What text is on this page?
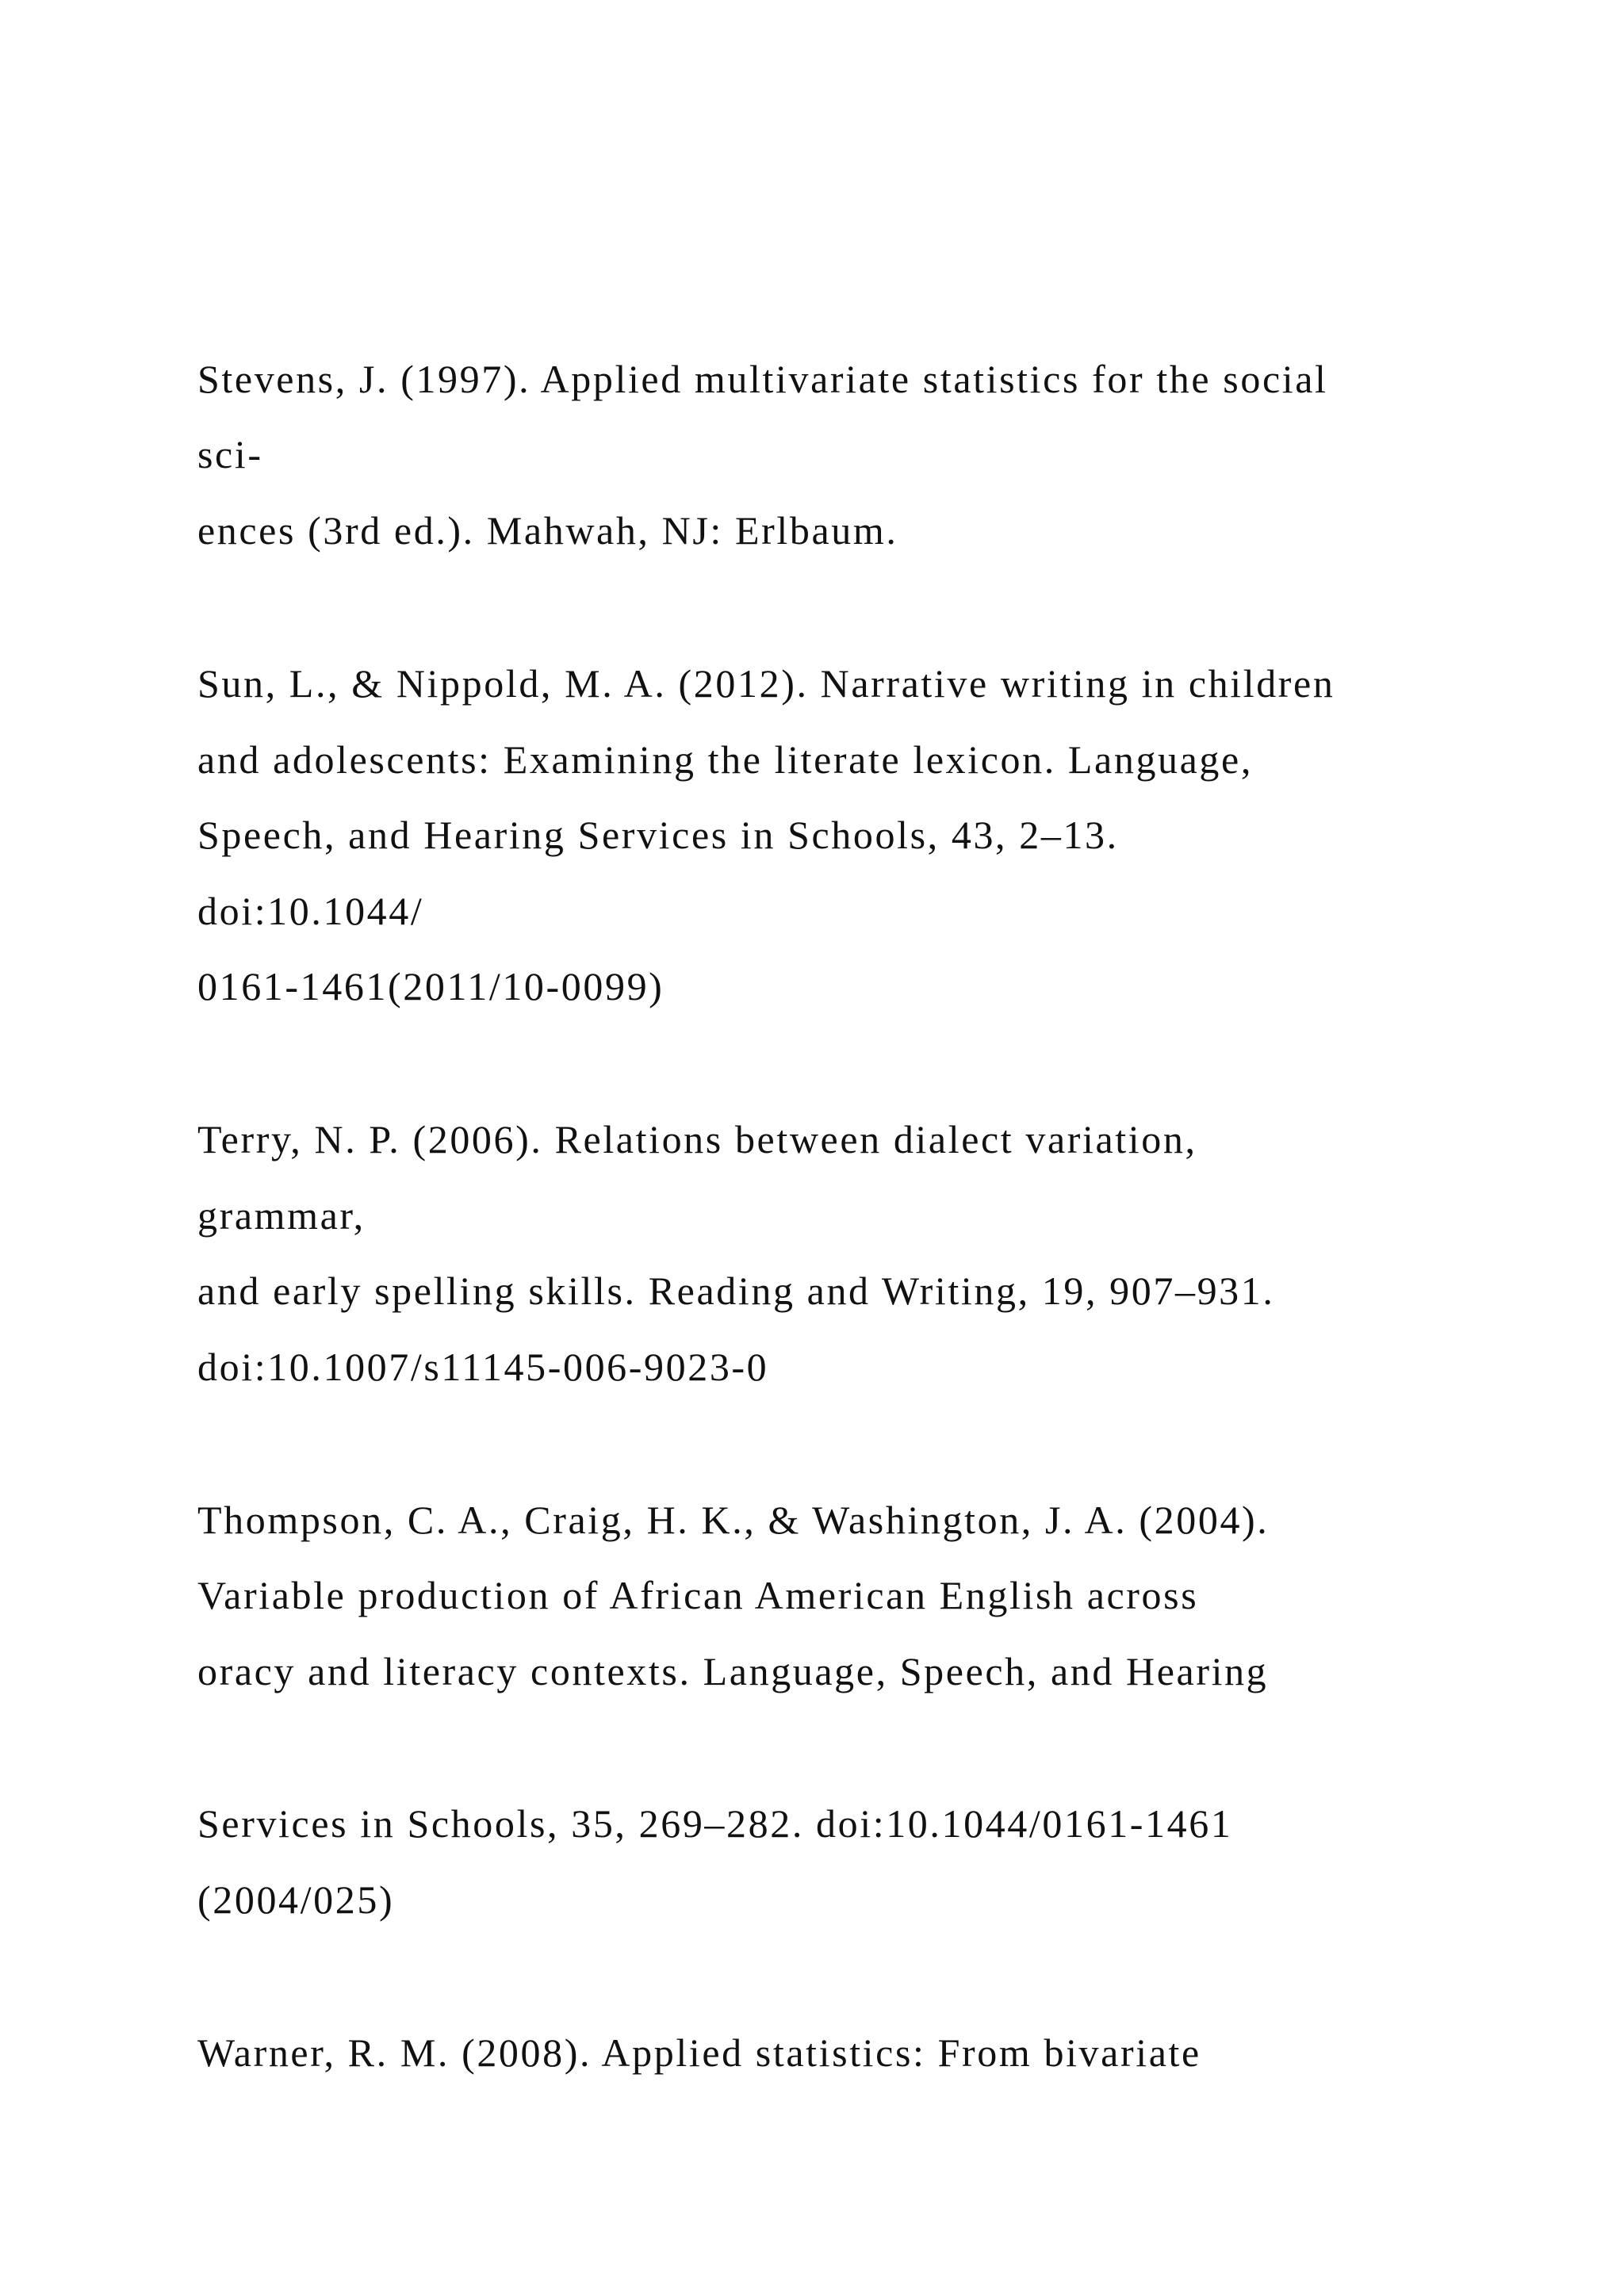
Stevens, J. (1997). Applied multivariate statistics for the social

sci-

ences (3rd ed.). Mahwah, NJ: Erlbaum.

Sun, L., & Nippold, M. A. (2012). Narrative writing in children

and adolescents: Examining the literate lexicon. Language,

Speech, and Hearing Services in Schools, 43, 2–13.

doi:10.1044/

0161-1461(2011/10-0099)

Terry, N. P. (2006). Relations between dialect variation,

grammar,

and early spelling skills. Reading and Writing, 19, 907–931.

doi:10.1007/s11145-006-9023-0

Thompson, C. A., Craig, H. K., & Washington, J. A. (2004).

Variable production of African American English across

oracy and literacy contexts. Language, Speech, and Hearing

Services in Schools, 35, 269–282. doi:10.1044/0161-1461

(2004/025)

Warner, R. M. (2008). Applied statistics: From bivariate
